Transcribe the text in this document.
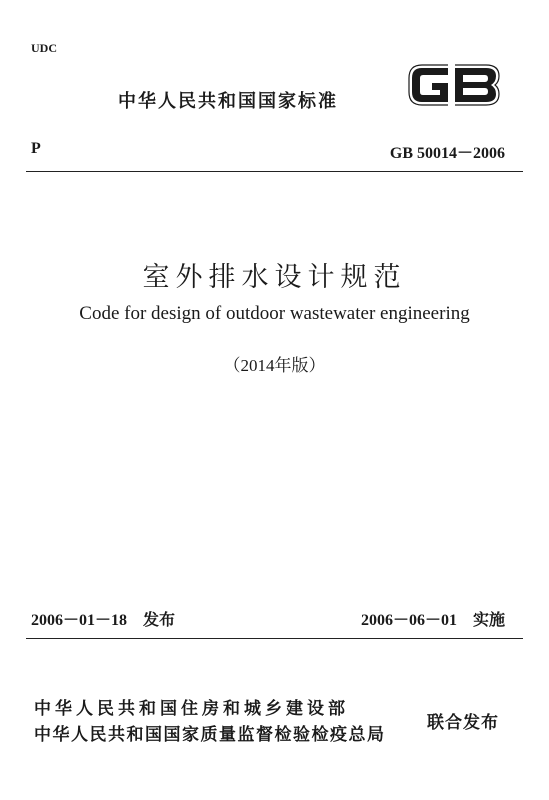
UDC
中华人民共和国国家标准
P	GB 50014－2006
室外排水设计规范
Code for design of outdoor wastewater engineering
（2014年版）
2006－01－18　发布	2006－06－01　实施
中华人民共和国住房和城乡建设部
中华人民共和国国家质量监督检验检疫总局
联合发布
